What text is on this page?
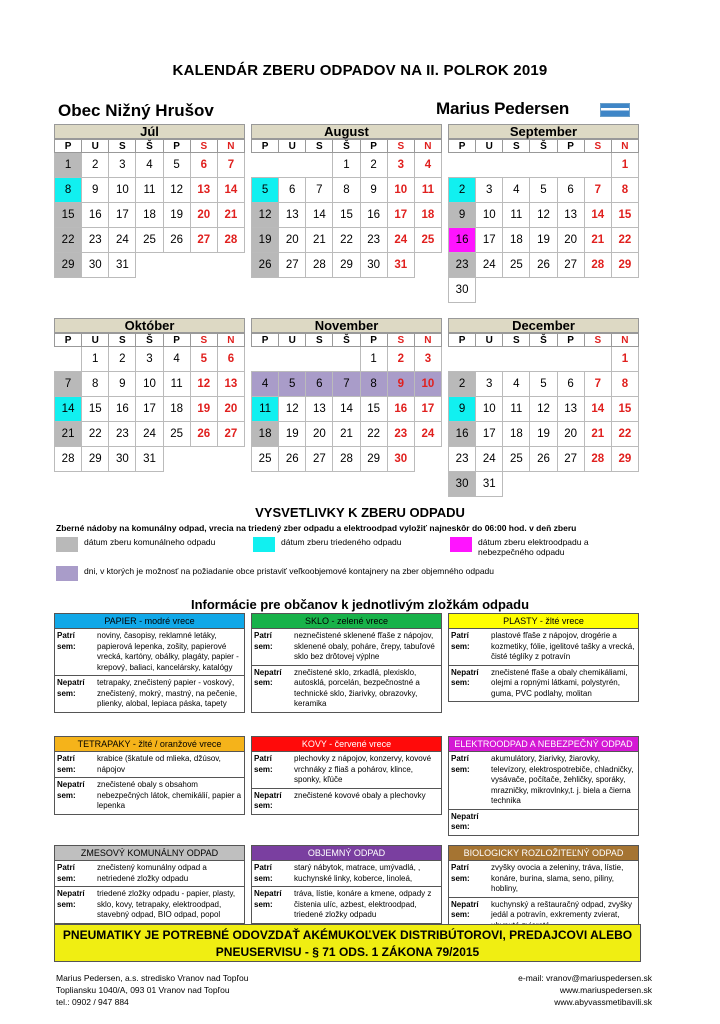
KALENDÁR ZBERU ODPADOV NA II. POLROK 2019
Obec Nižný Hrušov	Marius Pedersen
Júl
P	U	S	Š	P	S	N
1	2	3	4	5	6	7
8	9	10	11	12	13	14
15	16	17	18	19	20	21
22	23	24	25	26	27	28
29	30	31				
August
P	U	S	Š	P	S	N
			1	2	3	4
5	6	7	8	9	10	11
12	13	14	15	16	17	18
19	20	21	22	23	24	25
26	27	28	29	30	31	
September
P	U	S	Š	P	S	N
						1
2	3	4	5	6	7	8
9	10	11	12	13	14	15
16	17	18	19	20	21	22
23	24	25	26	27	28	29
30						
Október
P	U	S	Š	P	S	N
	1	2	3	4	5	6
7	8	9	10	11	12	13
14	15	16	17	18	19	20
21	22	23	24	25	26	27
28	29	30	31			
November
P	U	S	Š	P	S	N
				1	2	3
4	5	6	7	8	9	10
11	12	13	14	15	16	17
18	19	20	21	22	23	24
25	26	27	28	29	30	
December
P	U	S	Š	P	S	N
						1
2	3	4	5	6	7	8
9	10	11	12	13	14	15
16	17	18	19	20	21	22
23	24	25	26	27	28	29
30	31					
VYSVETLIVKY K ZBERU ODPADU
Zberné nádoby na komunálny odpad, vrecia na triedený zber odpadu a elektroodpad vyložiť najneskôr do 06:00 hod. v deň zberu
dátum zberu komunálneho odpadu	dátum zberu triedeného odpadu	dátum zberu elektroodpadu a nebezpečného odpadu
dni, v ktorých je možnosť na požiadanie obce pristaviť veľkoobjemové kontajnery na zber objemného odpadu
Informácie pre občanov k jednotlivým zložkám odpadu
PAPIER - modré vrece
Patrí sem:
noviny, časopisy, reklamné letáky, papierová lepenka, zošity, papierové vrecká, kartóny, obálky, plagáty, papier - krepový, baliaci, kancelársky, katalógy
Nepatrí sem:
tetrapaky, znečistený papier - voskový, znečistený, mokrý, mastný, na pečenie, plienky, alobal, lepiaca páska, tapety
SKLO - zelené vrece
Patrí sem:
neznečistené sklenené fľaše z nápojov, sklenené obaly, poháre, črepy, tabuľové sklo bez drôtovej výplne
Nepatrí sem:
znečistené sklo, zrkadlá, plexisklo, autosklá, porcelán, bezpečnostné a technické sklo, žiarivky, obrazovky, keramika
PLASTY - žlté vrece
Patrí sem:
plastové fľaše z nápojov, drogérie a kozmetiky, fólie, igelitové tašky a vrecká, čisté téglíky z potravín
Nepatrí sem:
znečistené fľaše a obaly chemikáliami, olejmi a ropnými látkami, polystyrén, guma, PVC podlahy, molitan
TETRAPAKY - žlté / oranžové vrece
Patrí sem:
krabice (škatule od mlieka, džúsov, nápojov
Nepatrí sem:
znečistené obaly s obsahom nebezpečných látok, chemikálií, papier a lepenka
KOVY - červené vrece
Patrí sem:
plechovky z nápojov, konzervy, kovové vrchnáky z fliaš a pohárov, klince, sponky, kľúče
Nepatrí sem:
znečistené kovové obaly a plechovky
ELEKTROODPAD A NEBEZPEČNÝ ODPAD
Patrí sem:
akumulátory, žiarivky, žiarovky, televízory, elektrospotrebiče, chladničky, vysávače, počítače, žehličky, sporáky, mrazničky, mikrovlnky,t. j. biela a čierna technika
Nepatrí sem:
ZMESOVÝ KOMUNÁLNY ODPAD
Patrí sem:
znečistený komunálny odpad a netriedené zložky odpadu
Nepatrí sem:
triedené zložky odpadu - papier, plasty, sklo, kovy, tetrapaky, elektroodpad, stavebný odpad, BIO odpad, popol
OBJEMNÝ ODPAD
Patrí sem:
starý nábytok, matrace, umývadlá, , kuchynské linky, koberce, linoleá,
Nepatrí sem:
tráva, lístie, konáre a kmene, odpady z čistenia ulíc, azbest, elektroodpad, triedené zložky odpadu
BIOLOGICKY ROZLOŽITEĽNÝ ODPAD
Patrí sem:
zvyšky ovocia a zeleniny, tráva, lístie, konáre, burina, slama, seno, piliny, hobliny,
Nepatrí sem:
kuchynský a reštauračný odpad, zvyšky jedál a potravín, exkrementy zvierat,
PNEUMATIKY JE POTREBNÉ ODOVZDAŤ AKÉMUKOĽVEK DISTRIBÚTOROVI, PREDAJCOVI ALEBO
PNEUSERVISU - § 71 ODS. 1 ZÁKONA 79/2015
Marius Pedersen, a.s. stredisko Vranov nad Topľou
Topliansku 1040/A, 093 01 Vranov nad Topľou
tel.: 0902 / 947 884
e-mail: vranov@mariuspedersen.sk
www.mariuspedersen.sk
www.abyvassmetibavili.sk
